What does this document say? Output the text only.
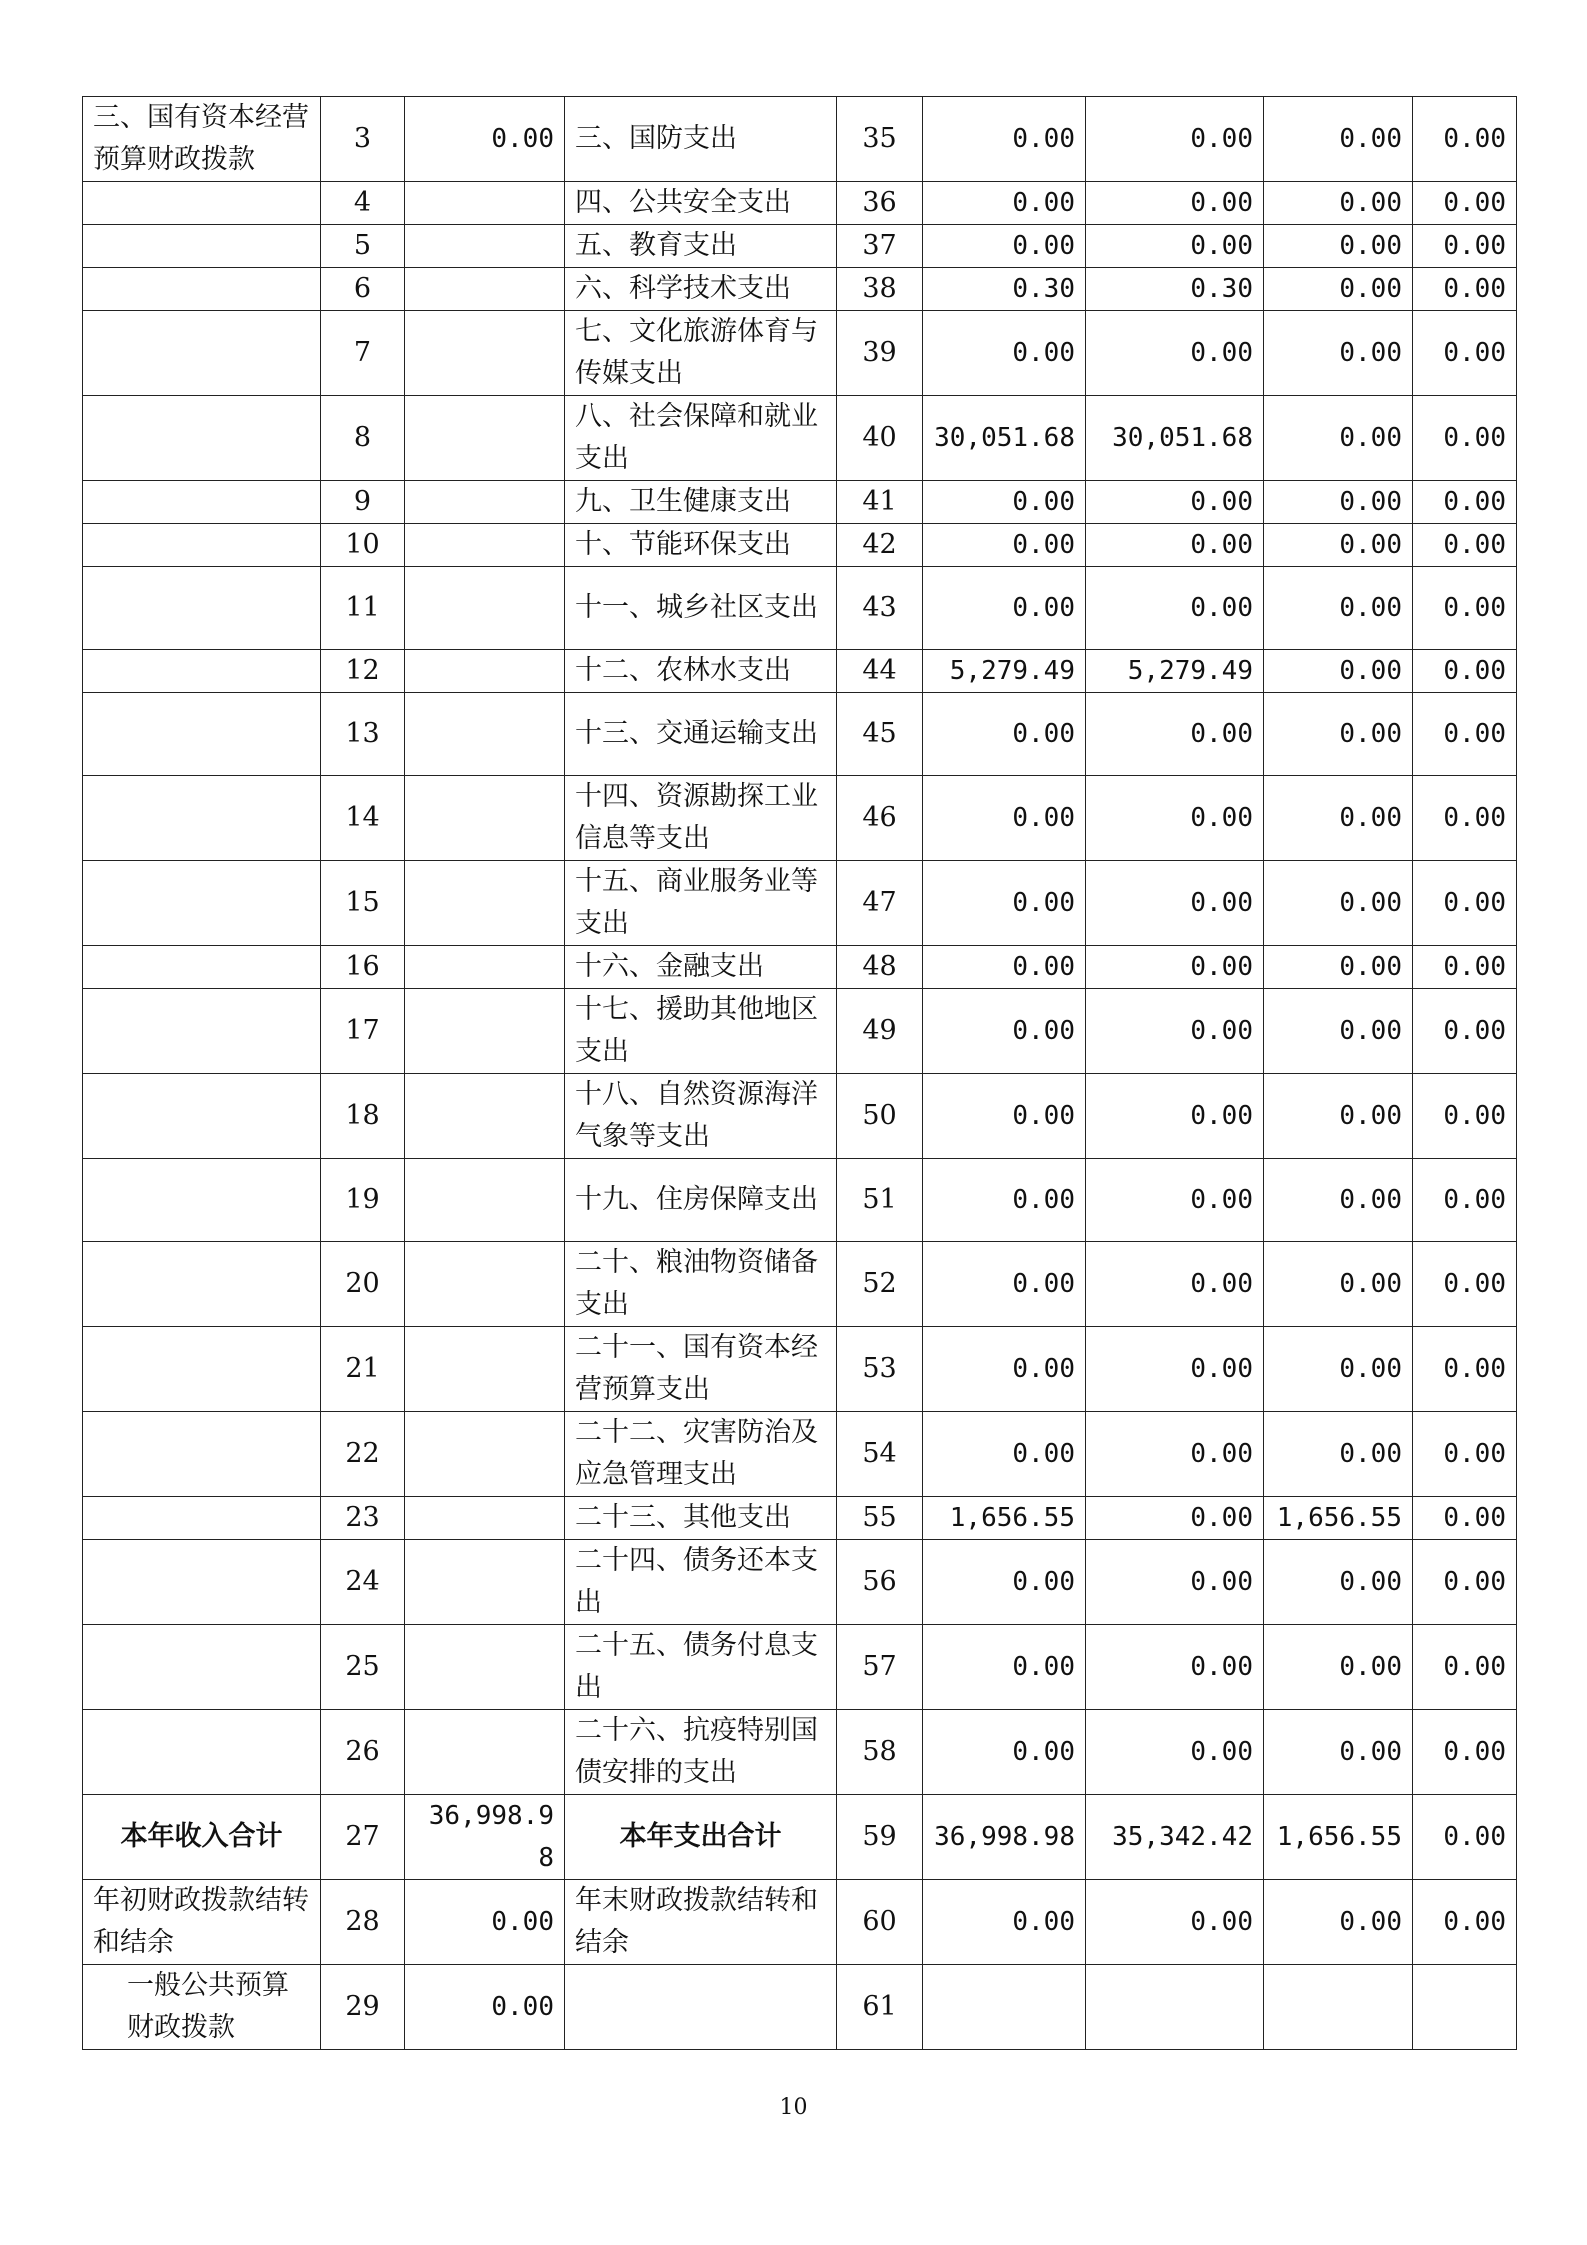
三、国有资本经营预算财政拨款	3	0.00	三、国防支出	35	0.00	0.00	0.00	0.00
	4		四、公共安全支出	36	0.00	0.00	0.00	0.00
	5		五、教育支出	37	0.00	0.00	0.00	0.00
	6		六、科学技术支出	38	0.30	0.30	0.00	0.00
	7		七、文化旅游体育与传媒支出	39	0.00	0.00	0.00	0.00
	8		八、社会保障和就业支出	40	30,051.68	30,051.68	0.00	0.00
	9		九、卫生健康支出	41	0.00	0.00	0.00	0.00
	10		十、节能环保支出	42	0.00	0.00	0.00	0.00
	11		十一、城乡社区支出	43	0.00	0.00	0.00	0.00
	12		十二、农林水支出	44	5,279.49	5,279.49	0.00	0.00
	13		十三、交通运输支出	45	0.00	0.00	0.00	0.00
	14		十四、资源勘探工业信息等支出	46	0.00	0.00	0.00	0.00
	15		十五、商业服务业等支出	47	0.00	0.00	0.00	0.00
	16		十六、金融支出	48	0.00	0.00	0.00	0.00
	17		十七、援助其他地区支出	49	0.00	0.00	0.00	0.00
	18		十八、自然资源海洋气象等支出	50	0.00	0.00	0.00	0.00
	19		十九、住房保障支出	51	0.00	0.00	0.00	0.00
	20		二十、粮油物资储备支出	52	0.00	0.00	0.00	0.00
	21		二十一、国有资本经营预算支出	53	0.00	0.00	0.00	0.00
	22		二十二、灾害防治及应急管理支出	54	0.00	0.00	0.00	0.00
	23		二十三、其他支出	55	1,656.55	0.00	1,656.55	0.00
	24		二十四、债务还本支出	56	0.00	0.00	0.00	0.00
	25		二十五、债务付息支出	57	0.00	0.00	0.00	0.00
	26		二十六、抗疫特别国债安排的支出	58	0.00	0.00	0.00	0.00
本年收入合计	27	36,998.98	本年支出合计	59	36,998.98	35,342.42	1,656.55	0.00
年初财政拨款结转和结余	28	0.00	年末财政拨款结转和结余	60	0.00	0.00	0.00	0.00
一般公共预算财政拨款	29	0.00		61				
10
